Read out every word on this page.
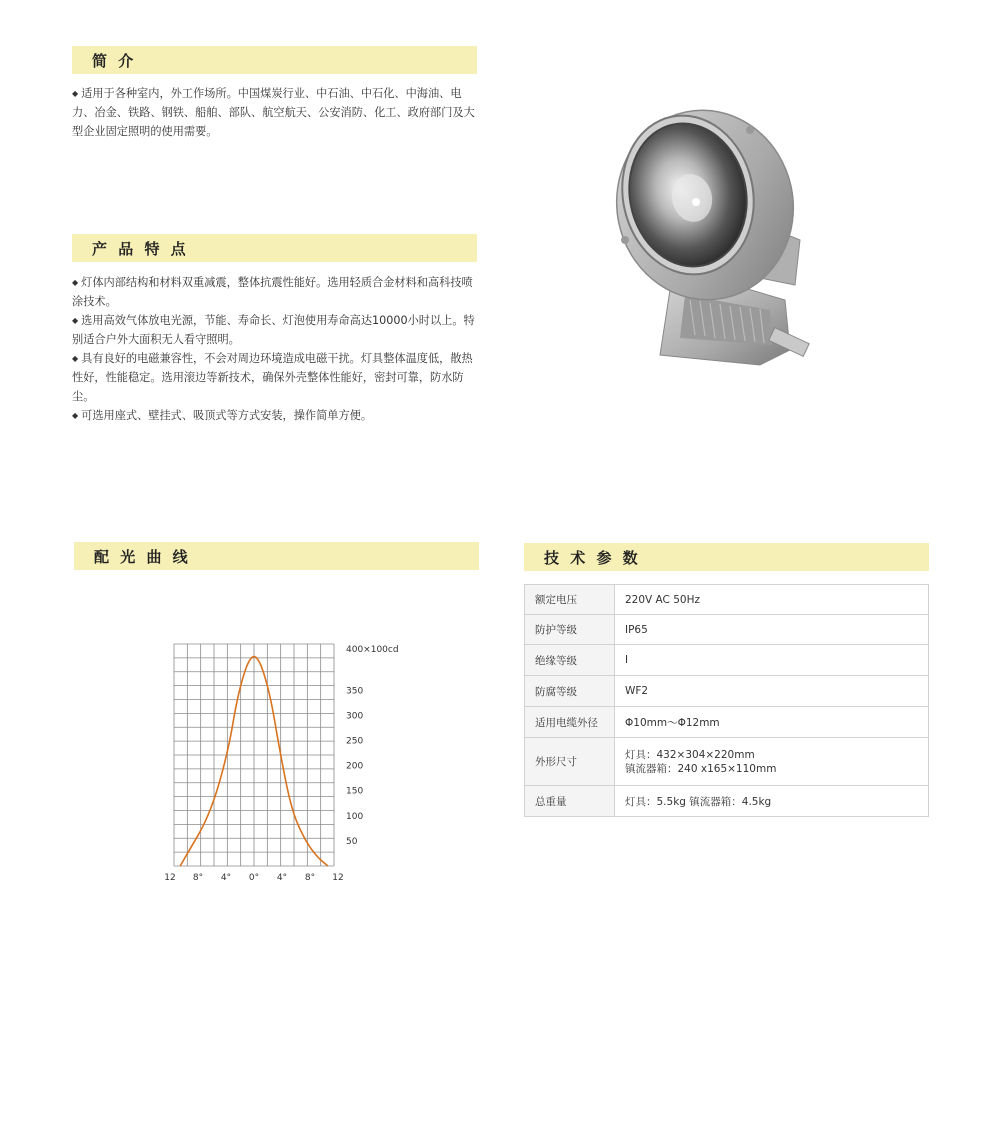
简 介

◆ 适用于各种室内，外工作场所。中国煤炭行业、中石油、中石化、中海油、电力、冶金、铁路、钢铁、船舶、部队、航空航天、公安消防、化工、政府部门及大型企业固定照明的使用需要。

产 品 特 点
◆ 灯体内部结构和材料双重减震，整体抗震性能好。选用轻质合金材料和高科技喷涂技术。
◆ 选用高效气体放电光源，节能、寿命长、灯泡使用寿命高达10000小时以上。特别适合户外大面积无人看守照明。
◆ 具有良好的电磁兼容性，不会对周边环境造成电磁干扰。灯具整体温度低，散热性好，性能稳定。选用滚边等新技术，确保外壳整体性能好，密封可靠，防水防尘。
◆ 可选用座式、壁挂式、吸顶式等方式安装，操作简单方便。
配 光 曲 线
12 8° 4° 0° 4° 8° 12
350
300
250
200
150
100
50
400×100cd
技 术 参 数
额定电压	220V AC 50Hz
防护等级	IP65
绝缘等级	I
防腐等级	WF2
适用电缆外径	Φ10mm～Φ12mm
外形尺寸	灯具：432×304×220mm
镇流器箱：240 x165×110mm

总重量	灯具：5.5kg 镇流器箱：4.5kg
